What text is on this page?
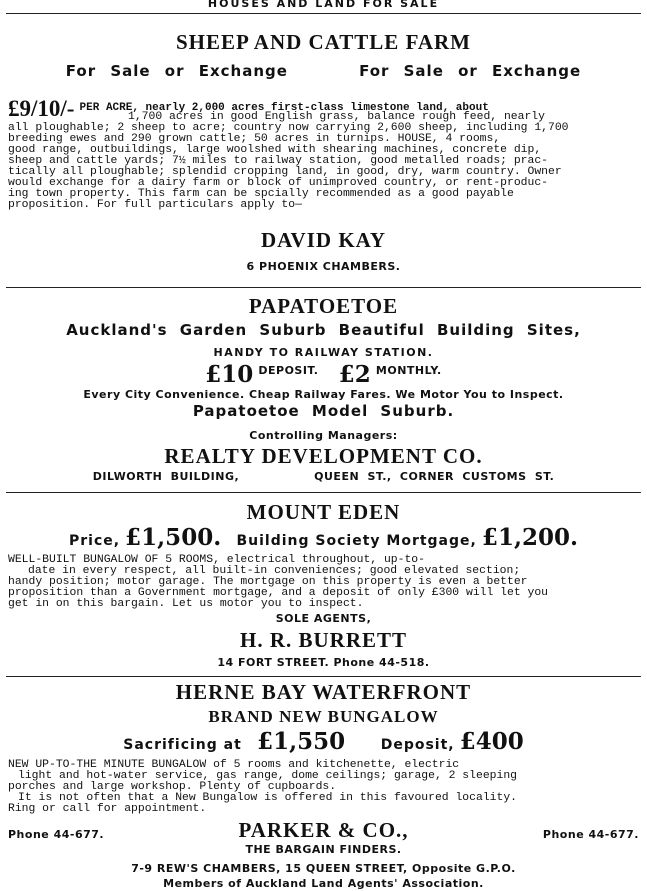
HOUSES AND LAND FOR SALE
SHEEP AND CATTLE FARM
For Sale or Exchange	For Sale or Exchange
£9/10/- $^{PER ACRE, nearly 2,000 acres first-class limestone land, about}$

1,700 acres in good English grass, balance rough feed, nearly

all ploughable; 2 sheep to acre; country now carrying 2,600 sheep, including 1,700

breeding ewes and 290 grown cattle; 50 acres in turnips. HOUSE, 4 rooms,

good range, outbuildings, large woolshed with shearing machines, concrete dip,

sheep and cattle yards; 7½ miles to railway station, good metalled roads; prac-

tically all ploughable; splendid cropping land, in good, dry, warm country. Owner

would exchange for a dairy farm or block of unimproved country, or rent-produc-

ing town property. This farm can be spcially recommended as a good payable

proposition. For full particulars apply to—

DAVID KAY
6 PHOENIX CHAMBERS.
PAPATOETOE
Auckland's Garden Suburb Beautiful Building Sites,
HANDY TO RAILWAY STATION.
£10 $^{DEPOSIT.}$ £2 $^{MONTHLY.}$
Every City Convenience. Cheap Railway Fares. We Motor You to Inspect.
Papatoetoe Model Suburb.
Controlling Managers:
REALTY DEVELOPMENT CO.
DILWORTH BUILDING,	QUEEN ST., CORNER CUSTOMS ST.
MOUNT EDEN
Price, £1,500. Building Society Mortgage, £1,200.

WELL-BUILT BUNGALOW OF 5 ROOMS, electrical throughout, up-to-

date in every respect, all built-in conveniences; good elevated section;

handy position; motor garage. The mortgage on this property is even a better

proposition than a Government mortgage, and a deposit of only £300 will let you

get in on this bargain. Let us motor you to inspect.

SOLE AGENTS,
H. R. BURRETT
14 FORT STREET. Phone 44-518.
HERNE BAY WATERFRONT
BRAND NEW BUNGALOW
Sacrificing at £1,550	Deposit, £400

NEW UP-TO-THE MINUTE BUNGALOW of 5 rooms and kitchenette, electric

light and hot-water service, gas range, dome ceilings; garage, 2 sleeping

porches and large workshop. Plenty of cupboards.

It is not often that a New Bungalow is offered in this favoured locality.

Ring or call for appointment.

Phone 44-677.	PARKER & CO.,	Phone 44-677.
THE BARGAIN FINDERS.
7-9 REW'S CHAMBERS, 15 QUEEN STREET, Opposite G.P.O.
Members of Auckland Land Agents' Association.
